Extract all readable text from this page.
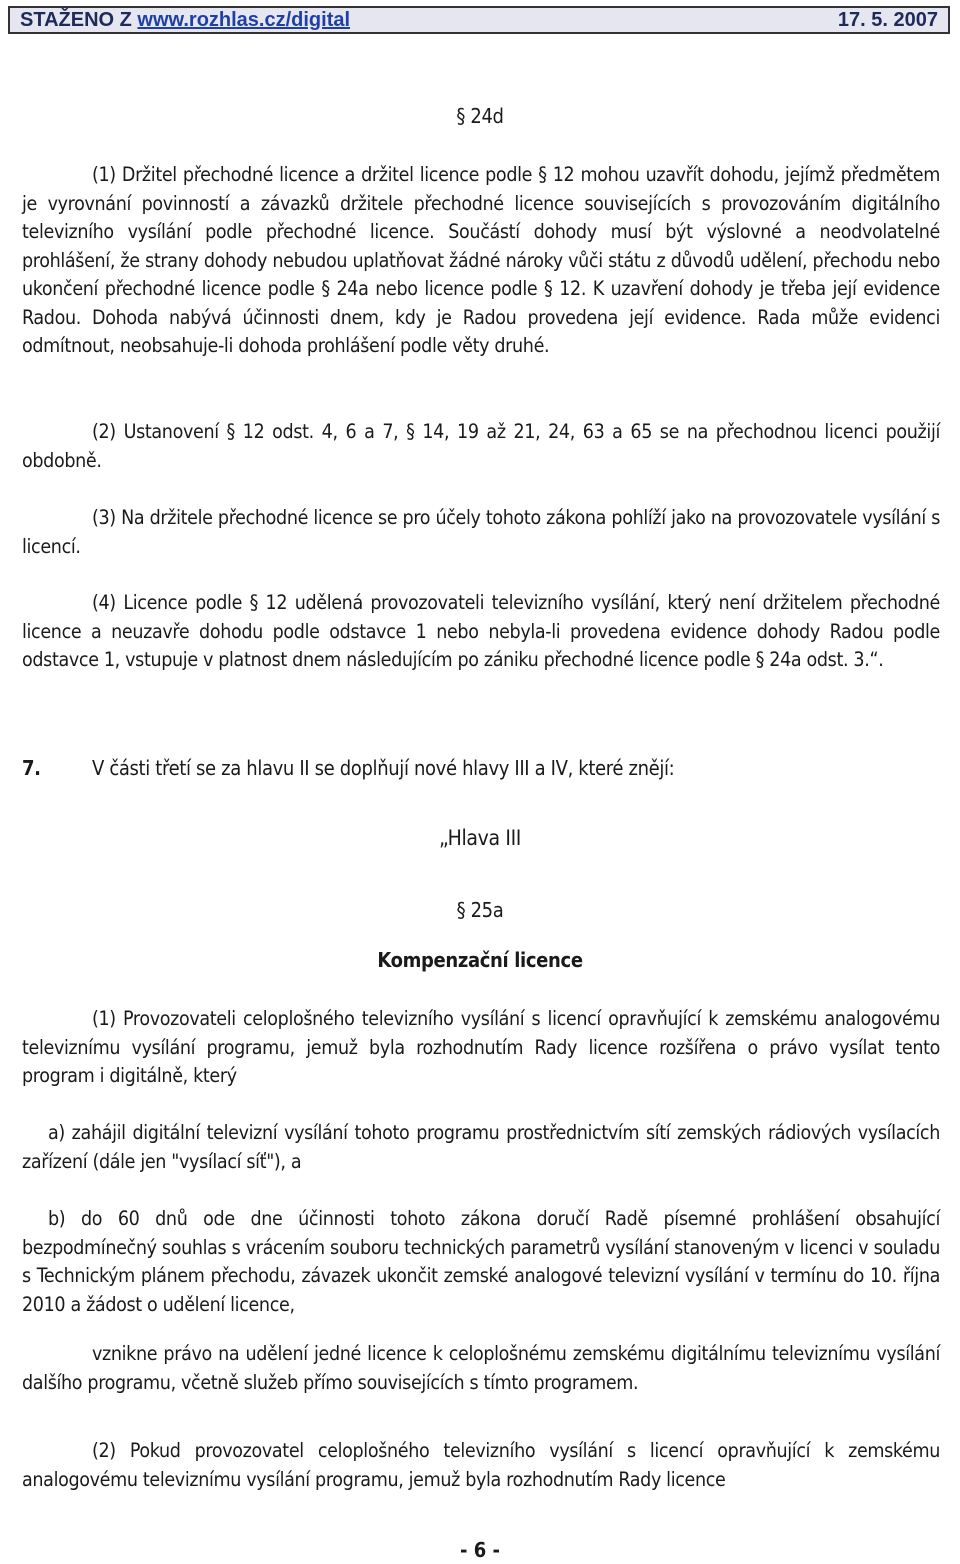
STAŽENO Z www.rozhlas.cz/digital	17. 5. 2007
§ 24d
(1) Držitel přechodné licence a držitel licence podle § 12 mohou uzavřít dohodu, jejímž předmětem je vyrovnání povinností a závazků držitele přechodné licence souvisejících s provozováním digitálního televizního vysílání podle přechodné licence. Součástí dohody musí být výslovné a neodvolatelné prohlášení, že strany dohody nebudou uplatňovat žádné nároky vůči státu z důvodů udělení, přechodu nebo ukončení přechodné licence podle § 24a nebo licence podle § 12. K uzavření dohody je třeba její evidence Radou. Dohoda nabývá účinnosti dnem, kdy je Radou provedena její evidence. Rada může evidenci odmítnout, neobsahuje-li dohoda prohlášení podle věty druhé.
(2) Ustanovení § 12 odst. 4, 6 a 7, § 14, 19 až 21, 24, 63 a 65 se na přechodnou licenci použijí obdobně.
(3) Na držitele přechodné licence se pro účely tohoto zákona pohlíží jako na provozovatele vysílání s licencí.
(4) Licence podle § 12 udělená provozovateli televizního vysílání, který není držitelem přechodné licence a neuzavře dohodu podle odstavce 1 nebo nebyla-li provedena evidence dohody Radou podle odstavce 1, vstupuje v platnost dnem následujícím po zániku přechodné licence podle § 24a odst. 3.“.
7.	V části třetí se za hlavu II se doplňují nové hlavy III a IV, které znějí:
„Hlava III
§ 25a
Kompenzační licence
(1) Provozovateli celoplošného televizního vysílání s licencí opravňující k zemskému analogovému televiznímu vysílání programu, jemuž byla rozhodnutím Rady licence rozšířena o právo vysílat tento program i digitálně, který
a) zahájil digitální televizní vysílání tohoto programu prostřednictvím sítí zemských rádiových vysílacích zařízení (dále jen "vysílací síť"), a
b) do 60 dnů ode dne účinnosti tohoto zákona doručí Radě písemné prohlášení obsahující bezpodmínečný souhlas s vrácením souboru technických parametrů vysílání stanoveným v licenci v souladu s Technickým plánem přechodu, závazek ukončit zemské analogové televizní vysílání v termínu do 10. října 2010 a žádost o udělení licence,
vznikne právo na udělení jedné licence k celoplošnému zemskému digitálnímu televiznímu vysílání dalšího programu, včetně služeb přímo souvisejících s tímto programem.
(2) Pokud provozovatel celoplošného televizního vysílání s licencí opravňující k zemskému analogovému televiznímu vysílání programu, jemuž byla rozhodnutím Rady licence
- 6 -
